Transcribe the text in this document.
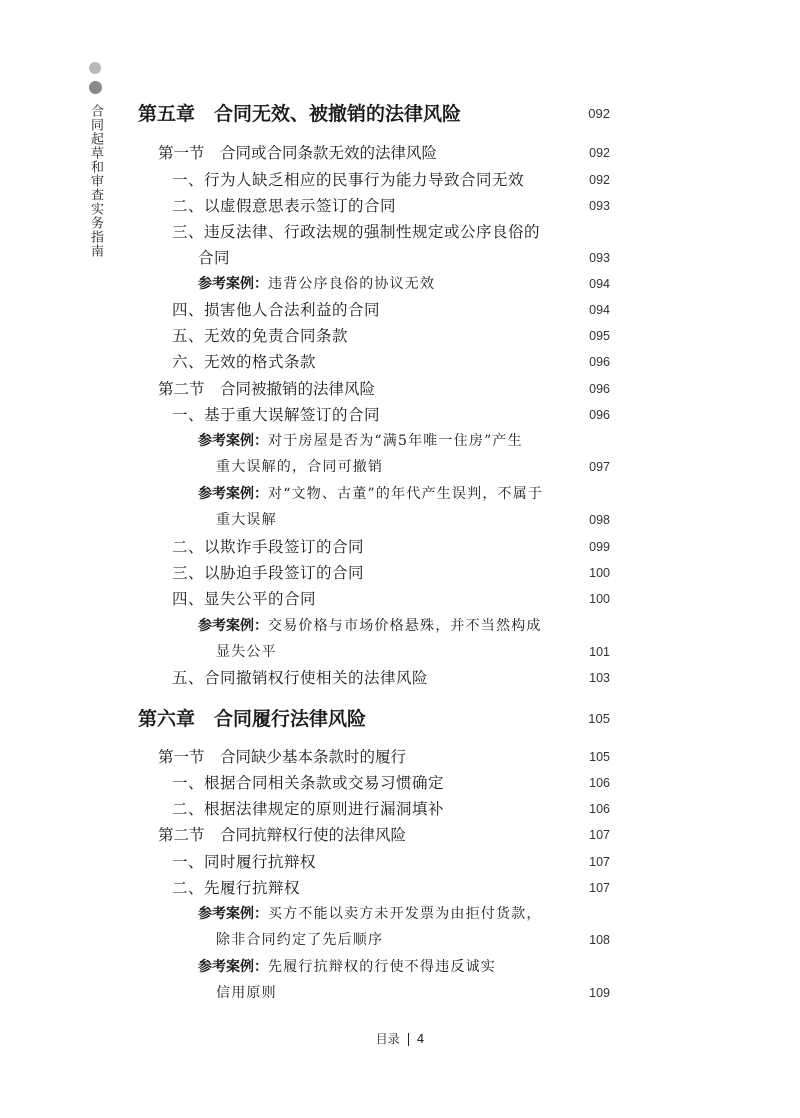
合同起草和审查实务指南 第五章　合同无效、被撤销的法律风险	092
第一节　合同或合同条款无效的法律风险	092
一、行为人缺乏相应的民事行为能力导致合同无效	092
二、以虚假意思表示签订的合同	093
三、违反法律、行政法规的强制性规定或公序良俗的
合同	093
参考案例：违背公序良俗的协议无效	094
四、损害他人合法利益的合同	094
五、无效的免责合同条款	095
六、无效的格式条款	096
第二节　合同被撤销的法律风险	096
一、基于重大误解签订的合同	096
参考案例：对于房屋是否为“满5年唯一住房”产生
重大误解的，合同可撤销	097
参考案例：对“文物、古董”的年代产生误判，不属于
重大误解	098
二、以欺诈手段签订的合同	099
三、以胁迫手段签订的合同	100
四、显失公平的合同	100
参考案例：交易价格与市场价格悬殊，并不当然构成
显失公平	101
五、合同撤销权行使相关的法律风险	103
第六章　合同履行法律风险	105
第一节　合同缺少基本条款时的履行	105
一、根据合同相关条款或交易习惯确定	106
二、根据法律规定的原则进行漏洞填补	106
第二节　合同抗辩权行使的法律风险	107
一、同时履行抗辩权	107
二、先履行抗辩权	107
参考案例：买方不能以卖方未开发票为由拒付货款，
除非合同约定了先后顺序	108
参考案例：先履行抗辩权的行使不得违反诚实
信用原则	109
目录 4
